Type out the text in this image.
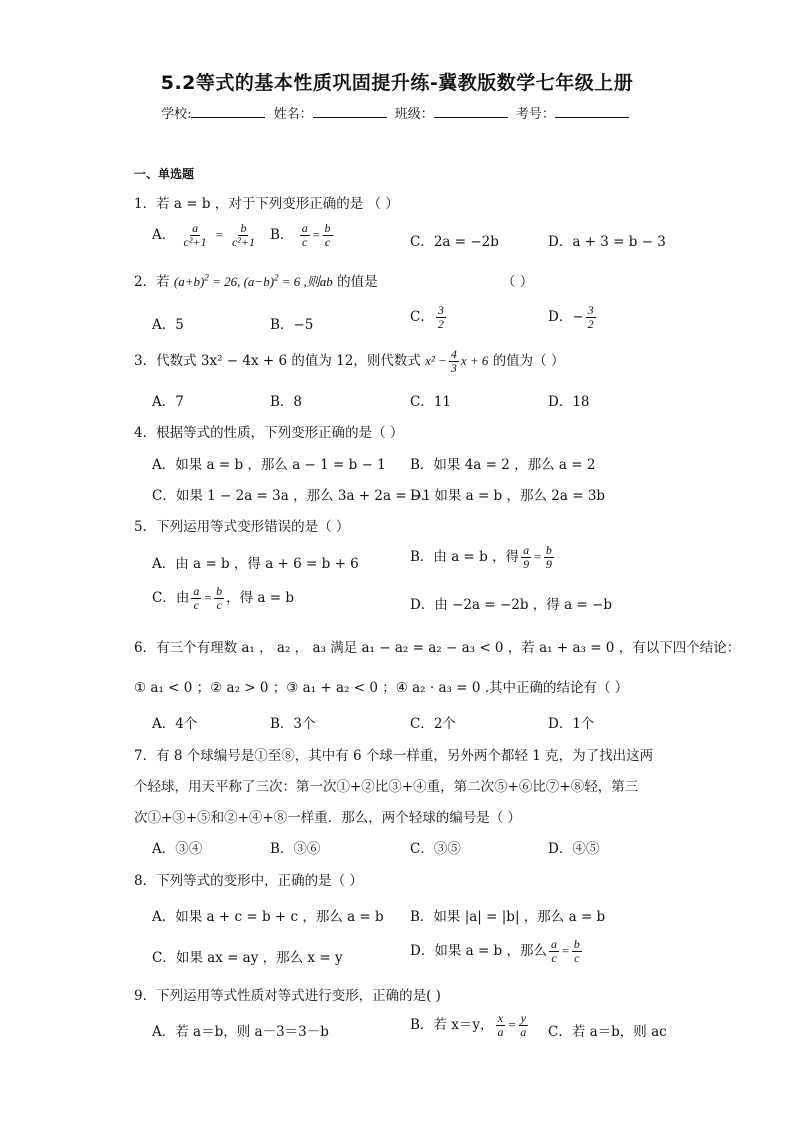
5.2等式的基本性质巩固提升练-冀教版数学七年级上册
学校:	姓名：	班级：	考号：
一、单选题
1．若 a = b ，对于下列变形正确的是 （ ）
A． $\frac{a}{\text{c²+1}} = \frac{b}{\text{c²+1}}$ B． $\frac{a}{c} = \frac{b}{c}$	C．2a = −2b	D．a + 3 = b − 3
2．若 $(a+b)^2 = 26$, $(a-b)^2 = 6$ ,则ab 的值是	（ ）
A．5	B．−5	C． $\frac{3}{2}$	D．− $\frac{3}{2}$
3．代数式 3x² − 4x + 6 的值为 12，则代数式 $x^2 - \frac{4}{3}$ x + 6 的值为（ ）
A．7	B．8	C．11	D．18
4．根据等式的性质，下列变形正确的是（ ）
A．如果 a = b ，那么 a − 1 = b − 1 B．如果 4a = 2 ，那么 a = 2
C．如果 1 − 2a = 3a ，那么 3a + 2a = −1
D．如果 a = b ，那么 2a = 3b
5．下列运用等式变形错误的是（ ）
A．由 a = b ，得 a + 6 = b + 6	B．由 a = b ，得 $\frac{a}{9} = \frac{b}{9}$
C．由 $\frac{a}{c} = \frac{b}{c}$ ，得 a = b	D．由 −2a = −2b ，得 a = −b
6．有三个有理数 a₁ ， a₂ ， a₃ 满足 a₁ − a₂ = a₂ − a₃ < 0 ，若 a₁ + a₃ = 0 ，有以下四个结论：
① a₁ < 0 ；② a₂ > 0 ；③ a₁ + a₂ < 0 ；④ a₂ · a₃ = 0 .其中正确的结论有（ ）
A．4个	B．3个	C．2个	D．1个
7．有 8 个球编号是①至⑧，其中有 6 个球一样重，另外两个都轻 1 克，为了找出这两
个轻球，用天平称了三次：第一次①+②比③+④重，第二次⑤+⑥比⑦+⑧轻，第三
次①+③+⑤和②+④+⑧一样重．那么，两个轻球的编号是（ ）
A．③④	B．③⑥	C．③⑤	D．④⑤
8．下列等式的变形中，正确的是（ ）
A．如果 a + c = b + c ，那么 a = b B．如果 |a| = |b| ，那么 a = b
C．如果 ax = ay ，那么 x = y	D．如果 a = b ，那么 $\frac{a}{c} = \frac{b}{c}$
9．下列运用等式性质对等式进行变形，正确的是( )
A．若 a＝b，则 a－3＝3－b	B．若 x＝y， $\frac{x}{a} = \frac{y}{a}$ C．若 a＝b，则 ac
